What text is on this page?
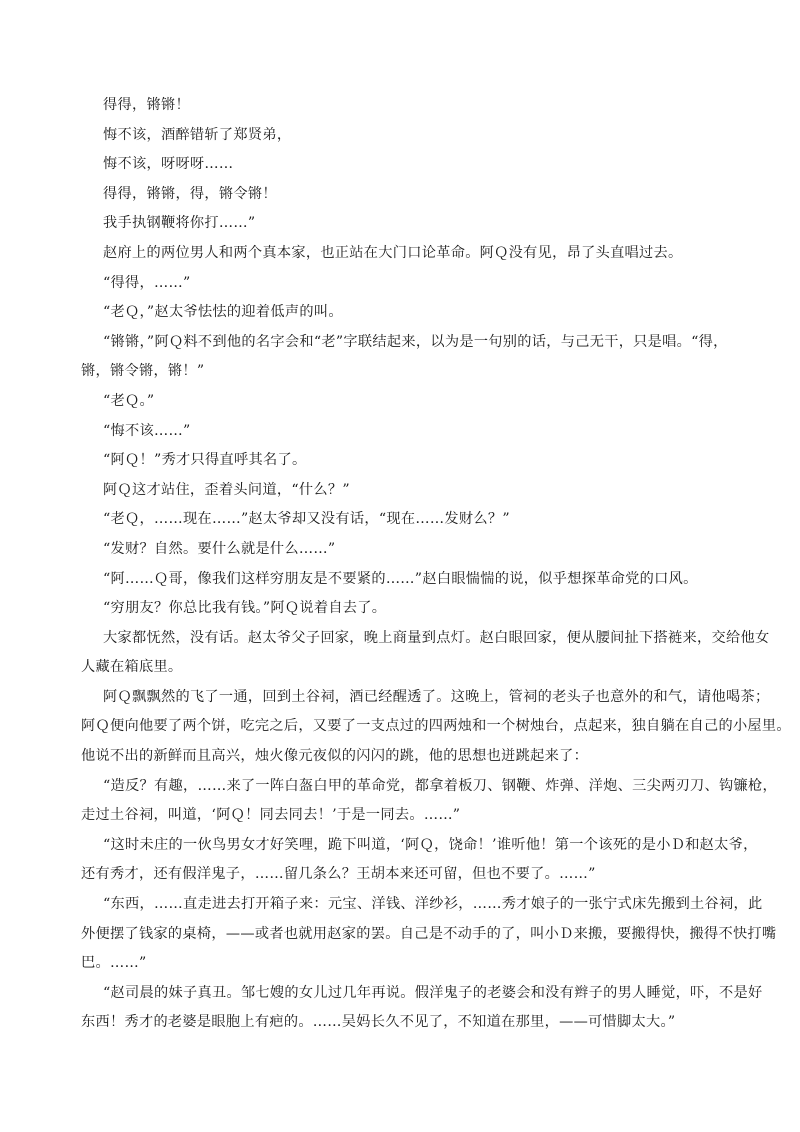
得得，锵锵！
悔不该，酒醉错斩了郑贤弟，
悔不该，呀呀呀……
得得，锵锵，得，锵令锵！
我手执钢鞭将你打……”
赵府上的两位男人和两个真本家，也正站在大门口论革命。阿Ｑ没有见，昂了头直唱过去。
“得得，……”
“老Ｑ，”赵太爷怯怯的迎着低声的叫。
“锵锵，”阿Ｑ料不到他的名字会和“老”字联结起来，以为是一句别的话，与己无干，只是唱。“得，
锵，锵令锵，锵！”
“老Ｑ。”
“悔不该……”
“阿Ｑ！”秀才只得直呼其名了。
阿Ｑ这才站住，歪着头问道，“什么？”
“老Ｑ，……现在……”赵太爷却又没有话，“现在……发财么？”
“发财？自然。要什么就是什么……”
“阿……Ｑ哥，像我们这样穷朋友是不要紧的……”赵白眼惴惴的说，似乎想探革命党的口风。
“穷朋友？你总比我有钱。”阿Ｑ说着自去了。
大家都怃然，没有话。赵太爷父子回家，晚上商量到点灯。赵白眼回家，便从腰间扯下搭裢来，交给他女
人藏在箱底里。
阿Ｑ飘飘然的飞了一通，回到土谷祠，酒已经醒透了。这晚上，管祠的老头子也意外的和气，请他喝茶；
阿Ｑ便向他要了两个饼，吃完之后，又要了一支点过的四两烛和一个树烛台，点起来，独自躺在自己的小屋里。
他说不出的新鲜而且高兴，烛火像元夜似的闪闪的跳，他的思想也迸跳起来了：
“造反？有趣，……来了一阵白盔白甲的革命党，都拿着板刀、钢鞭、炸弹、洋炮、三尖两刃刀、钩镰枪，
走过土谷祠，叫道，‘阿Ｑ！同去同去！’于是一同去。……”
“这时未庄的一伙鸟男女才好笑哩，跪下叫道，‘阿Ｑ，饶命！’谁听他！第一个该死的是小Ｄ和赵太爷，
还有秀才，还有假洋鬼子，……留几条么？王胡本来还可留，但也不要了。……”
“东西，……直走进去打开箱子来：元宝、洋钱、洋纱衫，……秀才娘子的一张宁式床先搬到土谷祠，此
外便摆了钱家的桌椅，——或者也就用赵家的罢。自己是不动手的了，叫小Ｄ来搬，要搬得快，搬得不快打嘴
巴。……”
“赵司晨的妹子真丑。邹七嫂的女儿过几年再说。假洋鬼子的老婆会和没有辫子的男人睡觉，吓，不是好
东西！秀才的老婆是眼胞上有疤的。……吴妈长久不见了，不知道在那里，——可惜脚太大。”
